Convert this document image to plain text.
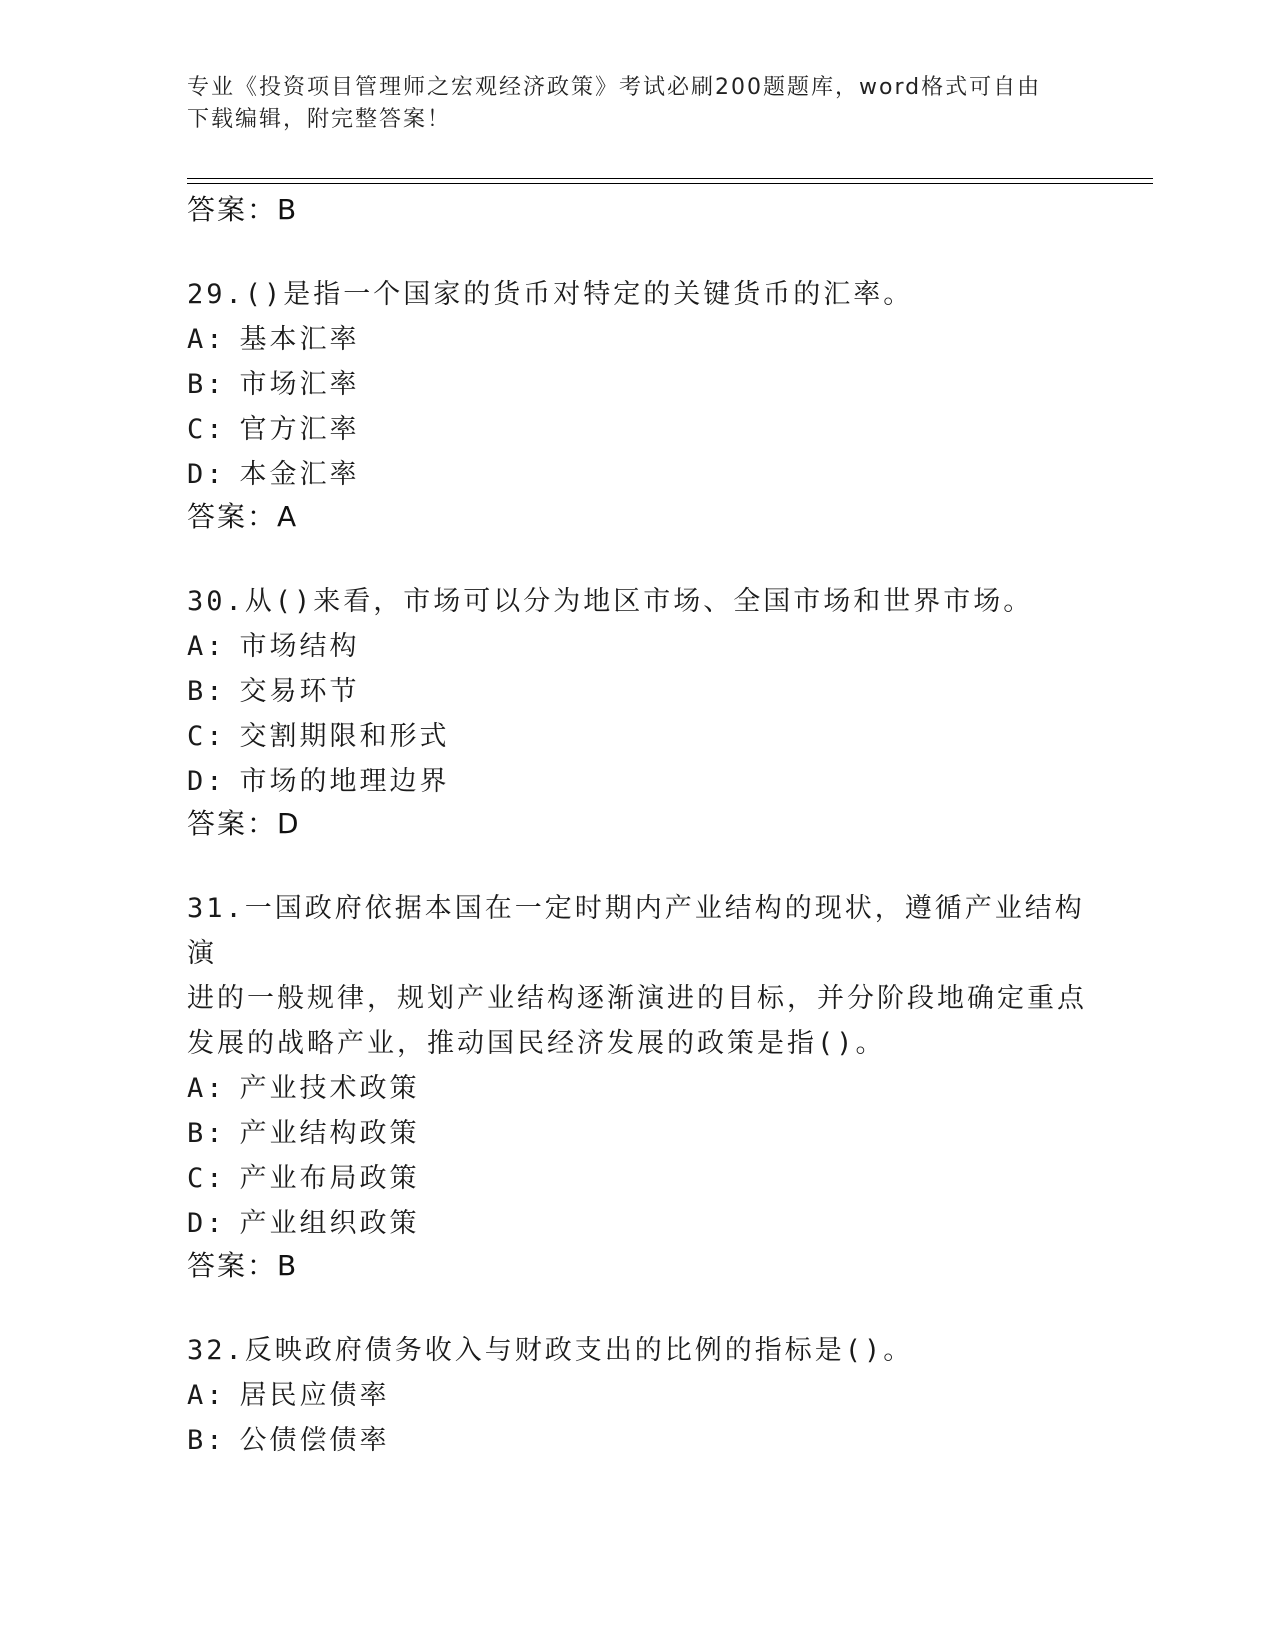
专业《投资项目管理师之宏观经济政策》考试必刷200题题库，word格式可自由
下载编辑，附完整答案！
答案：B
29.()是指一个国家的货币对特定的关键货币的汇率。
A: 基本汇率
B: 市场汇率
C: 官方汇率
D: 本金汇率
答案：A
30.从()来看，市场可以分为地区市场、全国市场和世界市场。
A: 市场结构
B: 交易环节
C: 交割期限和形式
D: 市场的地理边界
答案：D
31.一国政府依据本国在一定时期内产业结构的现状，遵循产业结构演
进的一般规律，规划产业结构逐渐演进的目标，并分阶段地确定重点
发展的战略产业，推动国民经济发展的政策是指()。
A: 产业技术政策
B: 产业结构政策
C: 产业布局政策
D: 产业组织政策
答案：B
32.反映政府债务收入与财政支出的比例的指标是()。
A: 居民应债率
B: 公债偿债率
